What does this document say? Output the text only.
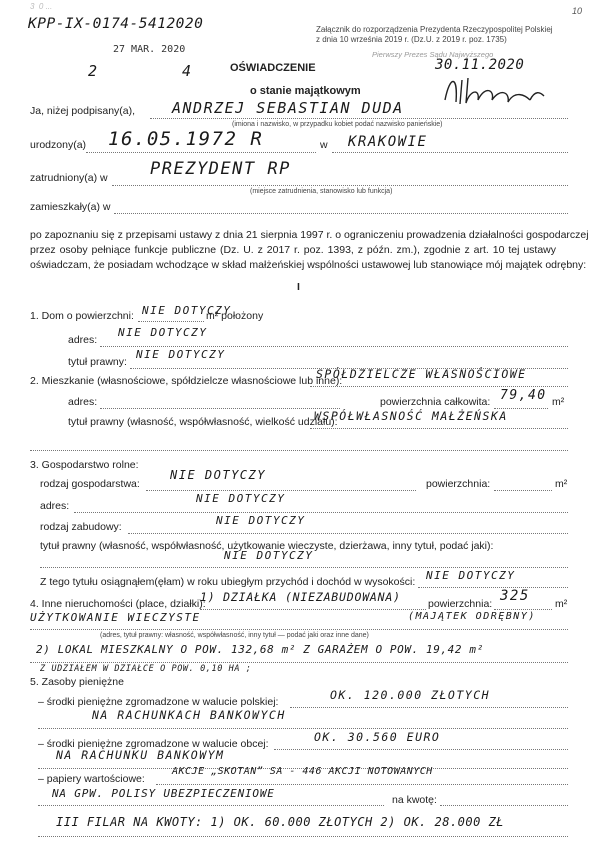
3  0 ...	10
KPP-IX-0174-5412020
27 MAR. 2020
2	4
Załącznik do rozporządzenia Prezydenta Rzeczypospolitej Polskiej
z dnia 10 września 2019 r. (Dz.U. z 2019 r. poz. 1735)
Pierwszy Prezes Sądu Najwyższego
30.11.2020
OŚWIADCZENIE
o stanie majątkowym
Ja, niżej podpisany(a), ANDRZEJ SEBASTIAN DUDA
(imiona i nazwisko, w przypadku kobiet podać nazwisko panieńskie)
urodzony(a) 16.05.1972 R	w KRAKOWIE
zatrudniony(a) w PREZYDENT RP
(miejsce zatrudnienia, stanowisko lub funkcja)
zamieszkały(a) w
po zapoznaniu się z przepisami ustawy z dnia 21 sierpnia 1997 r. o ograniczeniu prowadzenia działalności gospodarczej
przez osoby pełniące funkcje publiczne (Dz. U. z 2017 r. poz. 1393, z późn. zm.), zgodnie z art. 10 tej ustawy
oświadczam, że posiadam wchodzące w skład małżeńskiej wspólności ustawowej lub stanowiące mój majątek odrębny:
I
1. Dom o powierzchni: NIE DOTYCZY
m² położony
adres:
NIE DOTYCZY
tytuł prawny:
NIE DOTYCZY
2. Mieszkanie (własnościowe, spółdzielcze własnościowe lub inne):
SPÓŁDZIELCZE WŁASNOŚCIOWE
adres:	powierzchnia całkowita: 79,40 m²
tytuł prawny (własność, współwłasność, wielkość udziału):
WSPÓŁWŁASNOŚĆ MAŁŻEŃSKA
3. Gospodarstwo rolne:
rodzaj gospodarstwa:
NIE DOTYCZY
powierzchnia:	m²
adres:
NIE DOTYCZY
rodzaj zabudowy:	NIE DOTYCZY
tytuł prawny (własność, współwłasność, użytkowanie wieczyste, dzierżawa, inny tytuł, podać jaki):
NIE DOTYCZY
Z tego tytułu osiągnąłem(ęłam) w roku ubiegłym przychód i dochód w wysokości: NIE DOTYCZY
4. Inne nieruchomości (place, działki):
1) DZIAŁKA (NIEZABUDOWANA)	powierzchnia: 325 m²
UŻYTKOWANIE WIECZYSTE	(MAJĄTEK ODRĘBNY)
(adres, tytuł prawny: własność, współwłasność, inny tytuł — podać jaki oraz inne dane)
2) LOKAL MIESZKALNY O POW. 132,68 m² Z GARAŻEM O POW. 19,42 m²
Z UDZIAŁEM W DZIAŁCE O POW. 0,10 HA ;
5. Zasoby pieniężne
– środki pieniężne zgromadzone w walucie polskiej:	OK. 120.000 ZŁOTYCH
NA RACHUNKACH BANKOWYCH
– środki pieniężne zgromadzone w walucie obcej:	OK. 30.560 EURO
NA RACHUNKU BANKOWYM
– papiery wartościowe:
AKCJE „SKOTAN” SA - 446 AKCJI NOTOWANYCH
NA GPW. POLISY UBEZPIECZENIOWE	na kwotę:
III FILAR NA KWOTY: 1) OK. 60.000 ZŁOTYCH 2) OK. 28.000 ZŁ
